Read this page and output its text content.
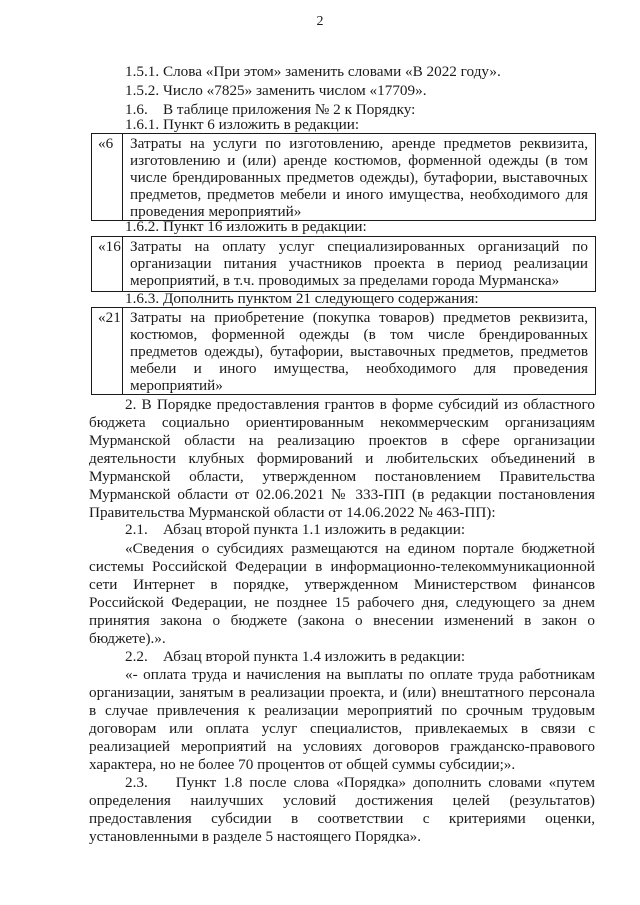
2
1.5.1. Слова «При этом» заменить словами «В 2022 году».
1.5.2. Число «7825» заменить числом «17709».
1.6.    В таблице приложения № 2 к Порядку:
1.6.1. Пункт 6 изложить в редакции:
«6 Затраты на услуги по изготовлению, аренде предметов реквизита,
изготовлению и (или) аренде костюмов, форменной одежды (в том
числе брендированных предметов одежды), бутафории, выставочных
предметов, предметов мебели и иного имущества, необходимого для
проведения мероприятий»
1.6.2. Пункт 16 изложить в редакции:
«16 Затраты на оплату услуг специализированных организаций по
организации питания участников проекта в период реализации
мероприятий, в т.ч. проводимых за пределами города Мурманска»
1.6.3. Дополнить пунктом 21 следующего содержания:
«21 Затраты на приобретение (покупка товаров) предметов реквизита,
костюмов, форменной одежды (в том числе брендированных
предметов одежды), бутафории, выставочных предметов, предметов
мебели и иного имущества, необходимого для проведения
мероприятий»
2. В Порядке предоставления грантов в форме субсидий из областного
бюджета социально ориентированным некоммерческим организациям
Мурманской области на реализацию проектов в сфере организации
деятельности клубных формирований и любительских объединений в
Мурманской области, утвержденном постановлением Правительства
Мурманской области от 02.06.2021 № 333-ПП (в редакции постановления
Правительства Мурманской области от 14.06.2022 № 463-ПП):
2.1.    Абзац второй пункта 1.1 изложить в редакции:
«Сведения о субсидиях размещаются на едином портале бюджетной
системы Российской Федерации в информационно-телекоммуникационной
сети Интернет в порядке, утвержденном Министерством финансов
Российской Федерации, не позднее 15 рабочего дня, следующего за днем
принятия закона о бюджете (закона о внесении изменений в закон о
бюджете).».
2.2.    Абзац второй пункта 1.4 изложить в редакции:
«- оплата труда и начисления на выплаты по оплате труда работникам
организации, занятым в реализации проекта, и (или) внештатного персонала
в случае привлечения к реализации мероприятий по срочным трудовым
договорам или оплата услуг специалистов, привлекаемых в связи с
реализацией мероприятий на условиях договоров гражданско-правового
характера, но не более 70 процентов от общей суммы субсидии;».
2.3.    Пункт 1.8 после слова «Порядка» дополнить словами «путем
определения наилучших условий достижения целей (результатов)
предоставления субсидии в соответствии с критериями оценки,
установленными в разделе 5 настоящего Порядка».
